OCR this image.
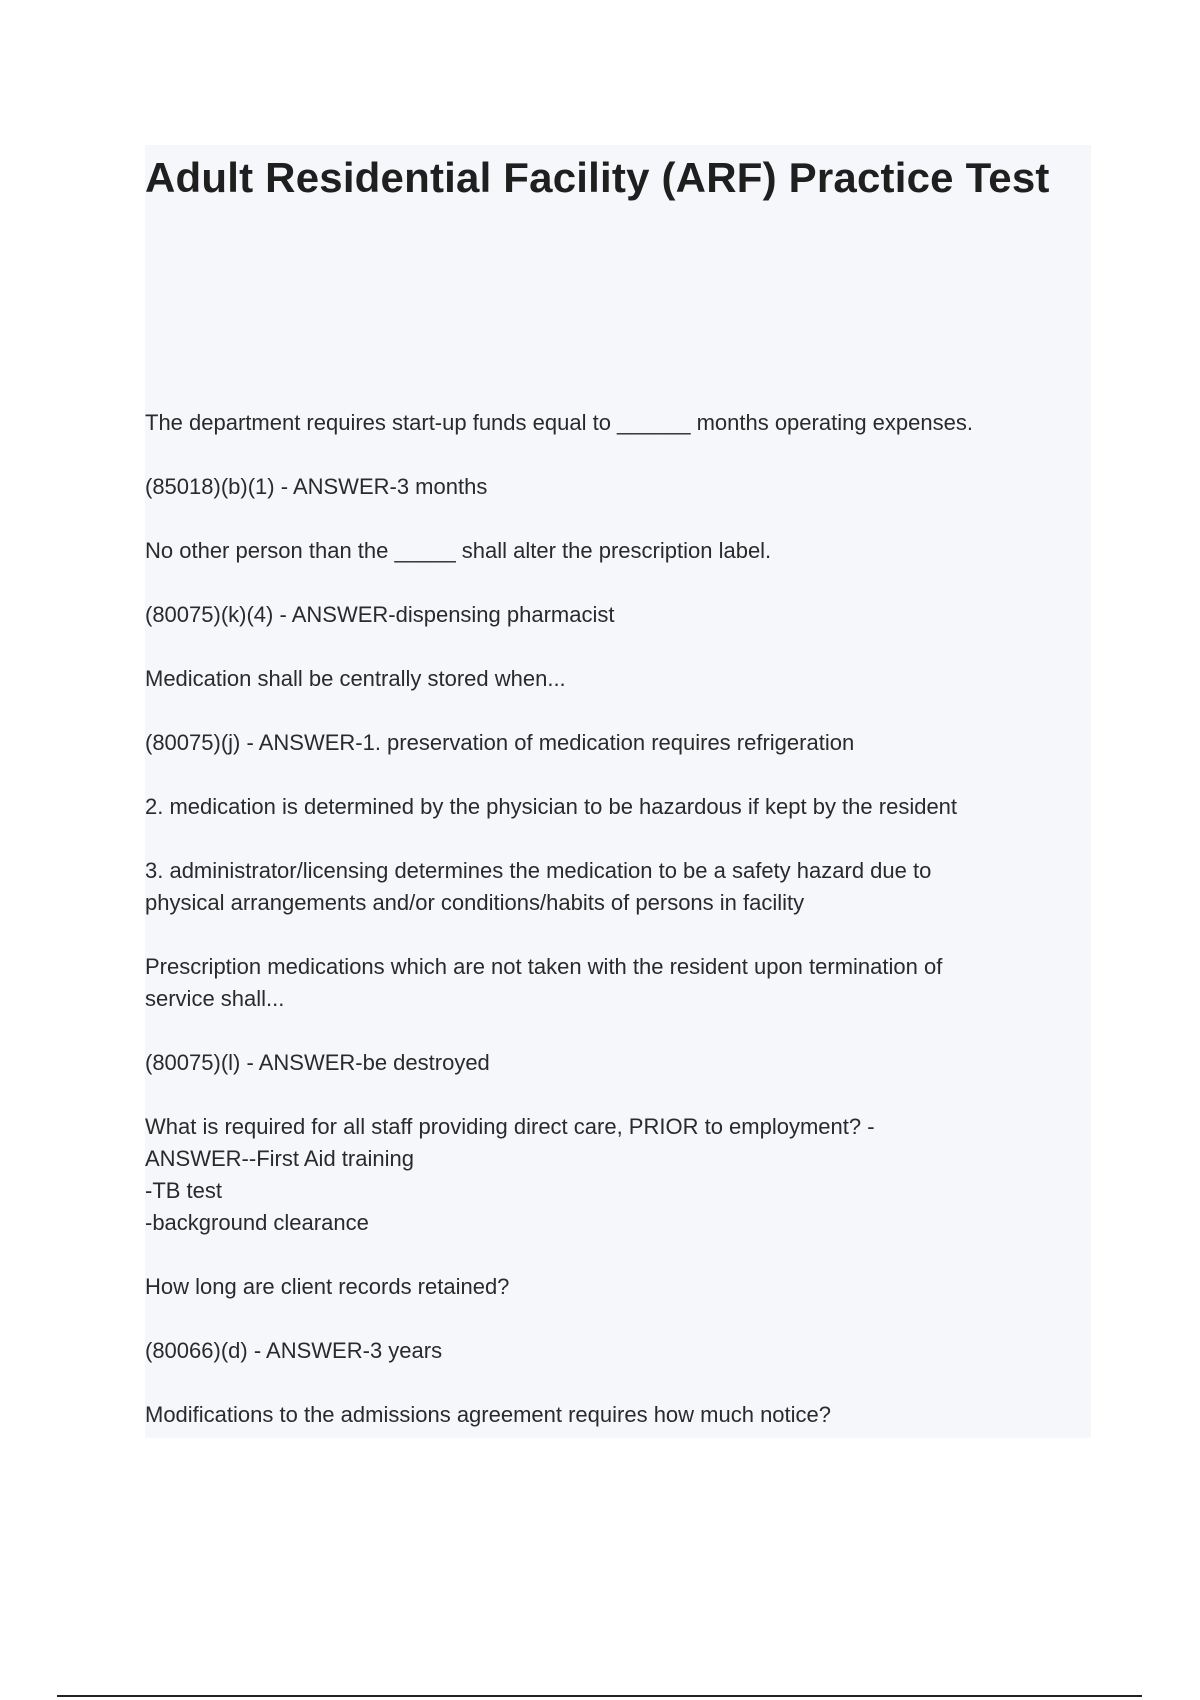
Adult Residential Facility (ARF) Practice Test

The department requires start-up funds equal to ______ months operating expenses.

(85018)(b)(1) - ANSWER-3 months

No other person than the _____ shall alter the prescription label.

(80075)(k)(4) - ANSWER-dispensing pharmacist

Medication shall be centrally stored when...

(80075)(j) - ANSWER-1. preservation of medication requires refrigeration

2. medication is determined by the physician to be hazardous if kept by the resident

3. administrator/licensing determines the medication to be a safety hazard due to

physical arrangements and/or conditions/habits of persons in facility

Prescription medications which are not taken with the resident upon termination of

service shall...

(80075)(l) - ANSWER-be destroyed

What is required for all staff providing direct care, PRIOR to employment? -

ANSWER--First Aid training

-TB test

-background clearance

How long are client records retained?

(80066)(d) - ANSWER-3 years

Modifications to the admissions agreement requires how much notice?
